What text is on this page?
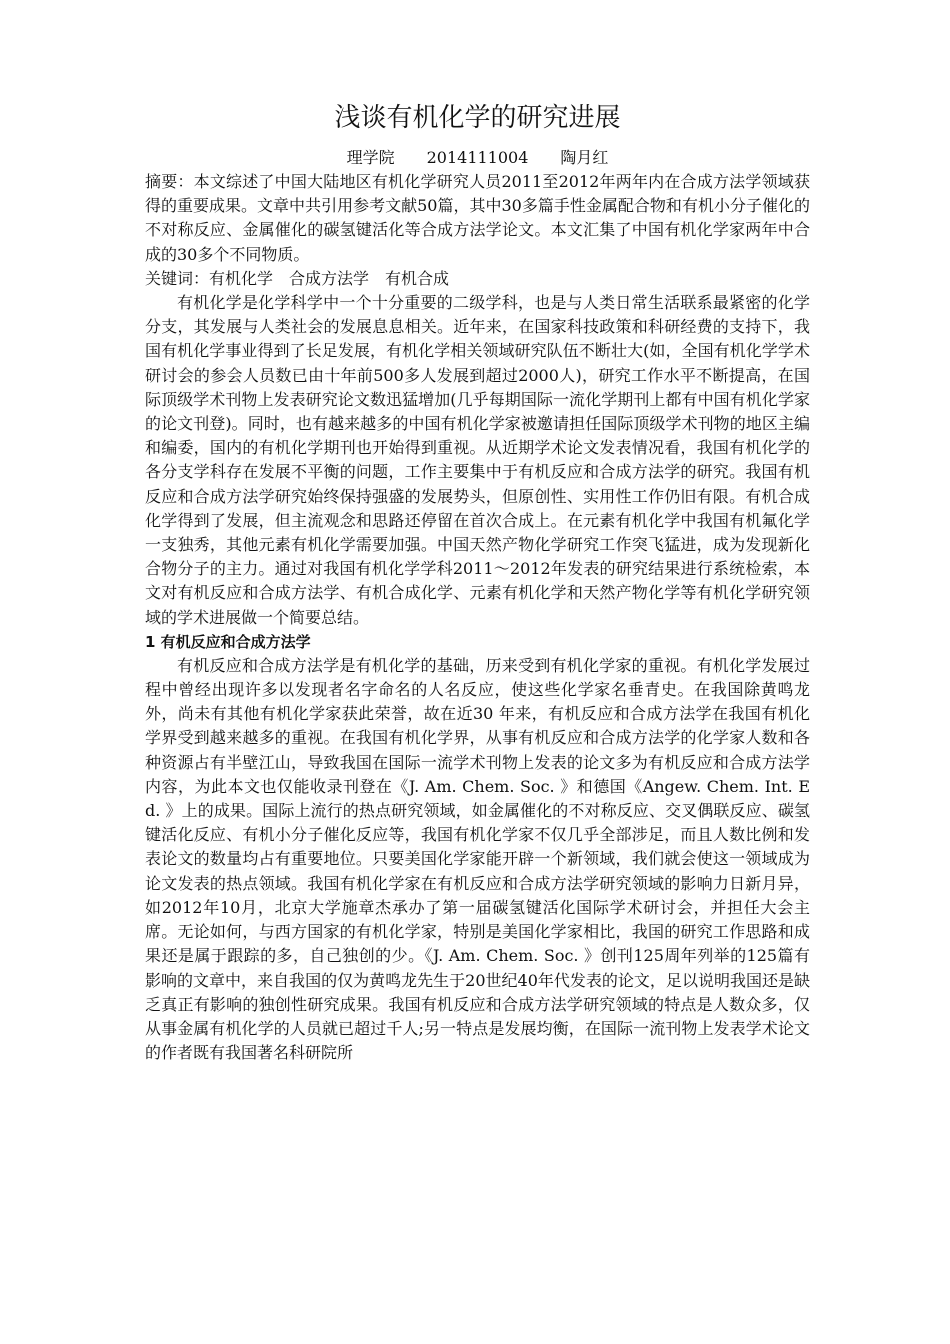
浅谈有机化学的研究进展

理学院　　2014111004　　陶月红

摘要：本文综述了中国大陆地区有机化学研究人员2011至2012年两年内在合成方法学领域获得的重要成果。文章中共引用参考文献50篇，其中30多篇手性金属配合物和有机小分子催化的不对称反应、金属催化的碳氢键活化等合成方法学论文。本文汇集了中国有机化学家两年中合成的30多个不同物质。

关键词：有机化学　合成方法学　有机合成

有机化学是化学科学中一个十分重要的二级学科，也是与人类日常生活联系最紧密的化学分支，其发展与人类社会的发展息息相关。近年来，在国家科技政策和科研经费的支持下，我国有机化学事业得到了长足发展，有机化学相关领域研究队伍不断壮大(如，全国有机化学学术研讨会的参会人员数已由十年前500多人发展到超过2000人)，研究工作水平不断提高，在国际顶级学术刊物上发表研究论文数迅猛增加(几乎每期国际一流化学期刊上都有中国有机化学家的论文刊登)。同时，也有越来越多的中国有机化学家被邀请担任国际顶级学术刊物的地区主编和编委，国内的有机化学期刊也开始得到重视。从近期学术论文发表情况看，我国有机化学的各分支学科存在发展不平衡的问题，工作主要集中于有机反应和合成方法学的研究。我国有机反应和合成方法学研究始终保持强盛的发展势头，但原创性、实用性工作仍旧有限。有机合成化学得到了发展，但主流观念和思路还停留在首次合成上。在元素有机化学中我国有机氟化学一支独秀，其他元素有机化学需要加强。中国天然产物化学研究工作突飞猛进，成为发现新化合物分子的主力。通过对我国有机化学学科2011～2012年发表的研究结果进行系统检索，本文对有机反应和合成方法学、有机合成化学、元素有机化学和天然产物化学等有机化学研究领域的学术进展做一个简要总结。

1 有机反应和合成方法学

有机反应和合成方法学是有机化学的基础，历来受到有机化学家的重视。有机化学发展过程中曾经出现许多以发现者名字命名的人名反应，使这些化学家名垂青史。在我国除黄鸣龙外，尚未有其他有机化学家获此荣誉，故在近30 年来，有机反应和合成方法学在我国有机化学界受到越来越多的重视。在我国有机化学界，从事有机反应和合成方法学的化学家人数和各种资源占有半壁江山，导致我国在国际一流学术刊物上发表的论文多为有机反应和合成方法学内容，为此本文也仅能收录刊登在《J. Am. Chem. Soc. 》和德国《Angew. Chem. Int. Ed. 》上的成果。国际上流行的热点研究领域，如金属催化的不对称反应、交叉偶联反应、碳氢键活化反应、有机小分子催化反应等，我国有机化学家不仅几乎全部涉足，而且人数比例和发表论文的数量均占有重要地位。只要美国化学家能开辟一个新领域，我们就会使这一领域成为论文发表的热点领域。我国有机化学家在有机反应和合成方法学研究领域的影响力日新月异，如2012年10月，北京大学施章杰承办了第一届碳氢键活化国际学术研讨会，并担任大会主席。无论如何，与西方国家的有机化学家，特别是美国化学家相比，我国的研究工作思路和成果还是属于跟踪的多，自己独创的少。《J. Am. Chem. Soc. 》创刊125周年列举的125篇有影响的文章中，来自我国的仅为黄鸣龙先生于20世纪40年代发表的论文，足以说明我国还是缺乏真正有影响的独创性研究成果。我国有机反应和合成方法学研究领域的特点是人数众多，仅从事金属有机化学的人员就已超过千人;另一特点是发展均衡，在国际一流刊物上发表学术论文的作者既有我国著名科研院所
